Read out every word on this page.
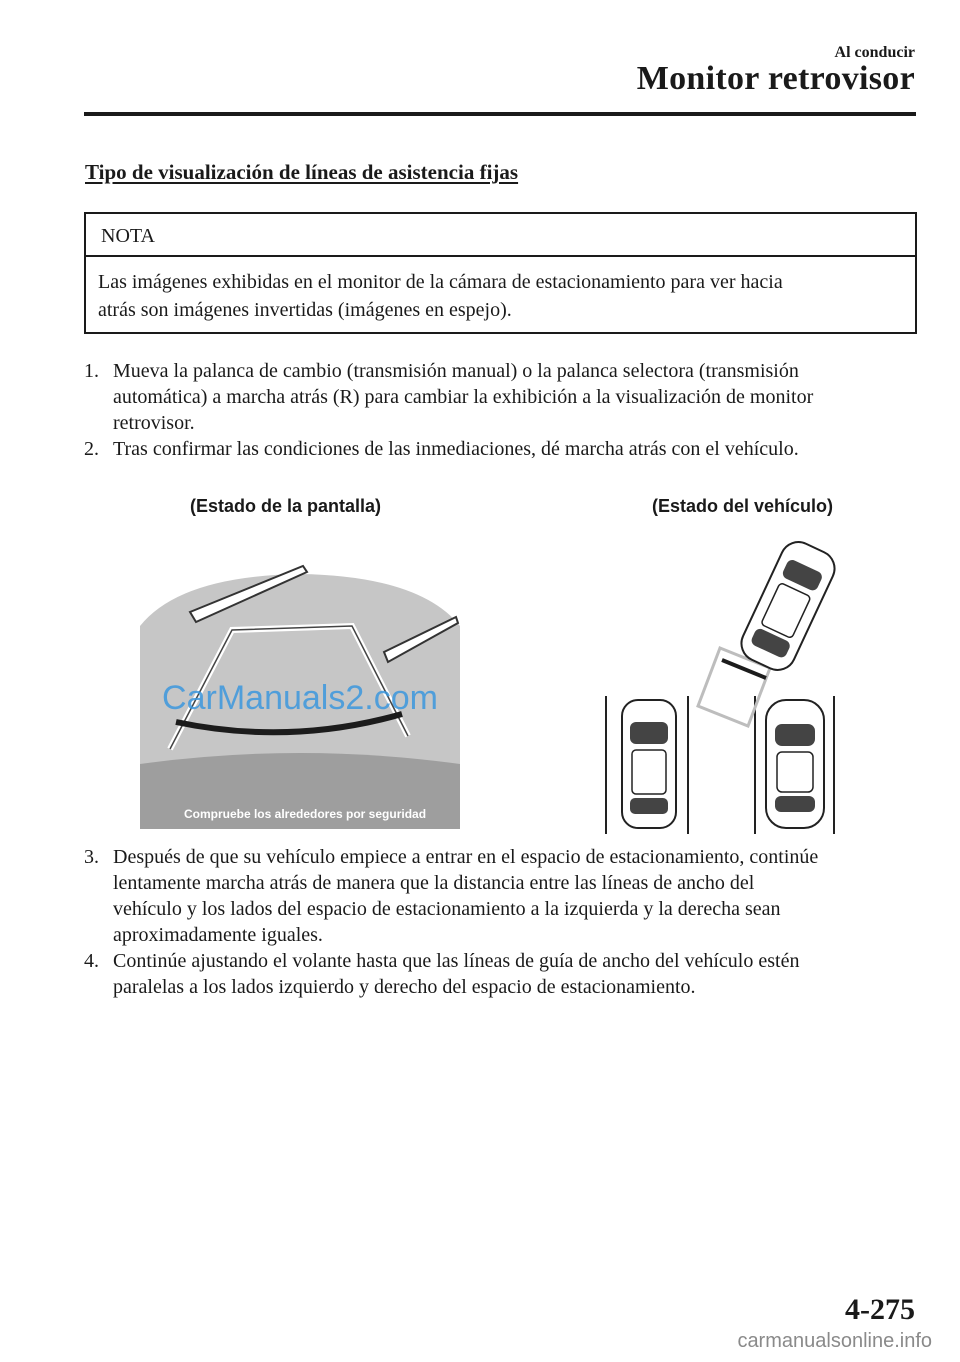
Al conducir
Monitor retrovisor
Tipo de visualización de líneas de asistencia fijas
NOTA
Las imágenes exhibidas en el monitor de la cámara de estacionamiento para ver hacia
atrás son imágenes invertidas (imágenes en espejo).
1. Mueva la palanca de cambio (transmisión manual) o la palanca selectora (transmisión
automática) a marcha atrás (R) para cambiar la exhibición a la visualización de monitor
retrovisor.
2. Tras confirmar las condiciones de las inmediaciones, dé marcha atrás con el vehículo.
(Estado de la pantalla)	(Estado del vehículo)
CarManuals2.com
Compruebe los alrededores por seguridad
3. Después de que su vehículo empiece a entrar en el espacio de estacionamiento, continúe
lentamente marcha atrás de manera que la distancia entre las líneas de ancho del
vehículo y los lados del espacio de estacionamiento a la izquierda y la derecha sean
aproximadamente iguales.
4. Continúe ajustando el volante hasta que las líneas de guía de ancho del vehículo estén
paralelas a los lados izquierdo y derecho del espacio de estacionamiento.
4-275
carmanualsonline.info
